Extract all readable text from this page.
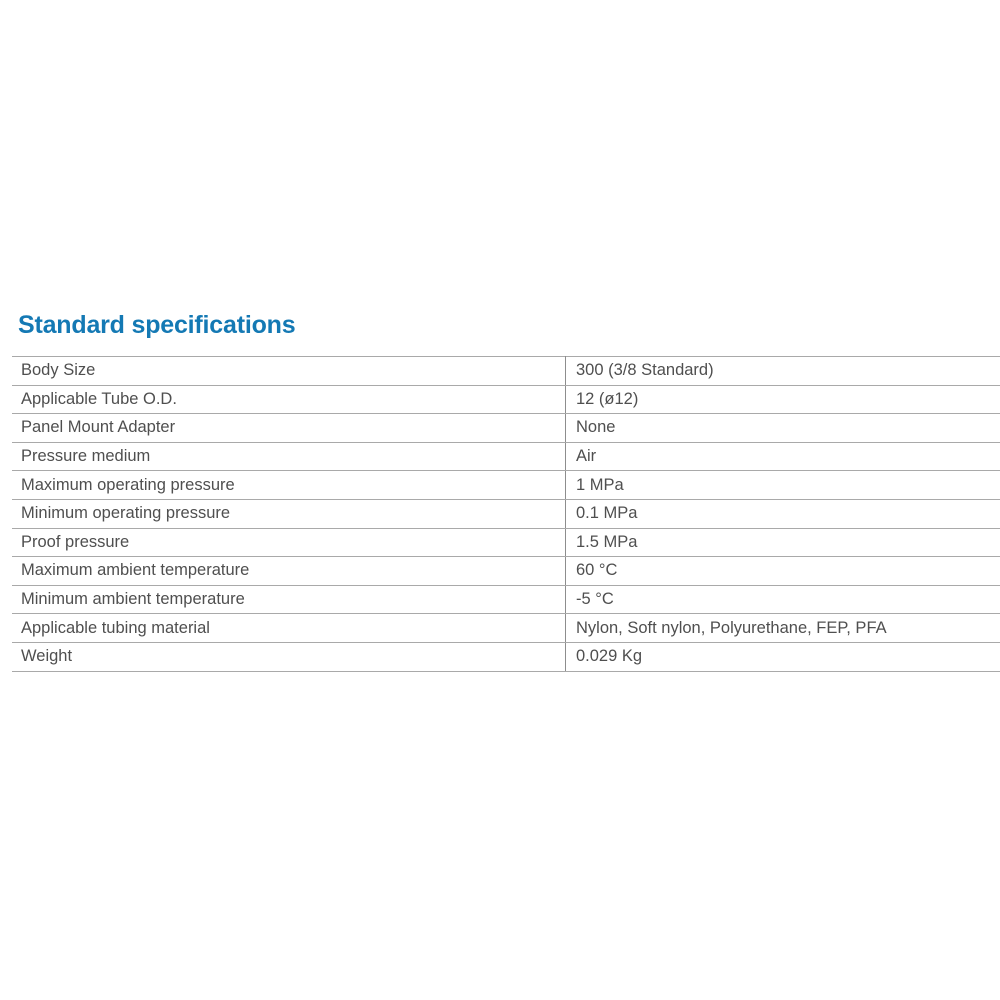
Standard specifications
Body Size	300 (3/8 Standard)
Applicable Tube O.D.	12 (ø12)
Panel Mount Adapter	None
Pressure medium	Air
Maximum operating pressure	1 MPa
Minimum operating pressure	0.1 MPa
Proof pressure	1.5 MPa
Maximum ambient temperature	60 °C
Minimum ambient temperature	-5 °C
Applicable tubing material	Nylon, Soft nylon, Polyurethane, FEP, PFA
Weight	0.029 Kg
